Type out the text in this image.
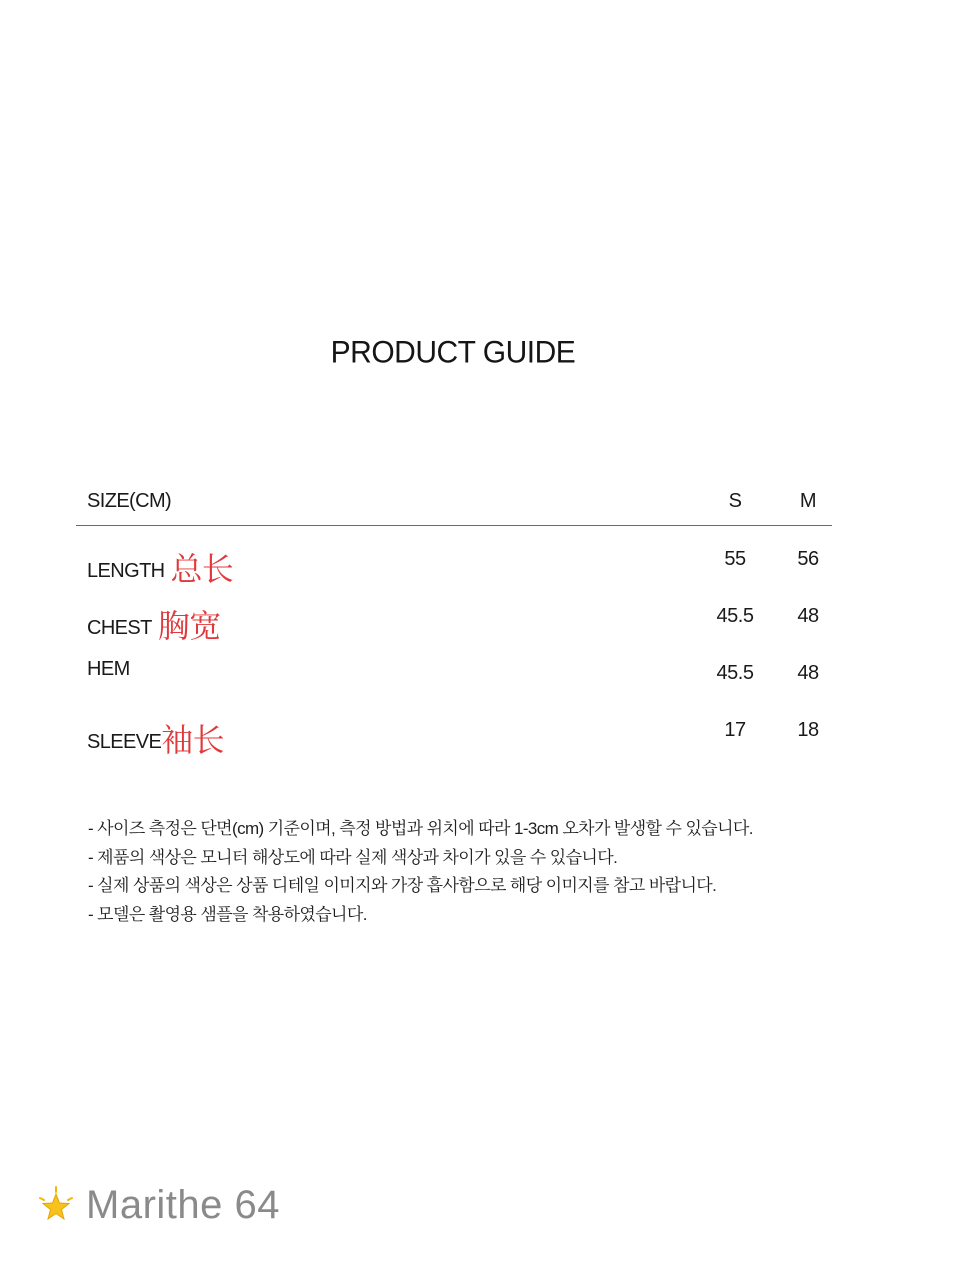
PRODUCT GUIDE
SIZE(CM)	S	M
LENGTH 总长	55	56
CHEST 胸宽	45.5	48
HEM	45.5	48
SLEEVE袖长	17	18
- 사이즈 측정은 단면(cm) 기준이며, 측정 방법과 위치에 따라 1-3cm 오차가 발생할 수 있습니다.
- 제품의 색상은 모니터 해상도에 따라 실제 색상과 차이가 있을 수 있습니다.
- 실제 상품의 색상은 상품 디테일 이미지와 가장 흡사함으로 해당 이미지를 참고 바랍니다.
- 모델은 촬영용 샘플을 착용하였습니다.
Marithe 64
